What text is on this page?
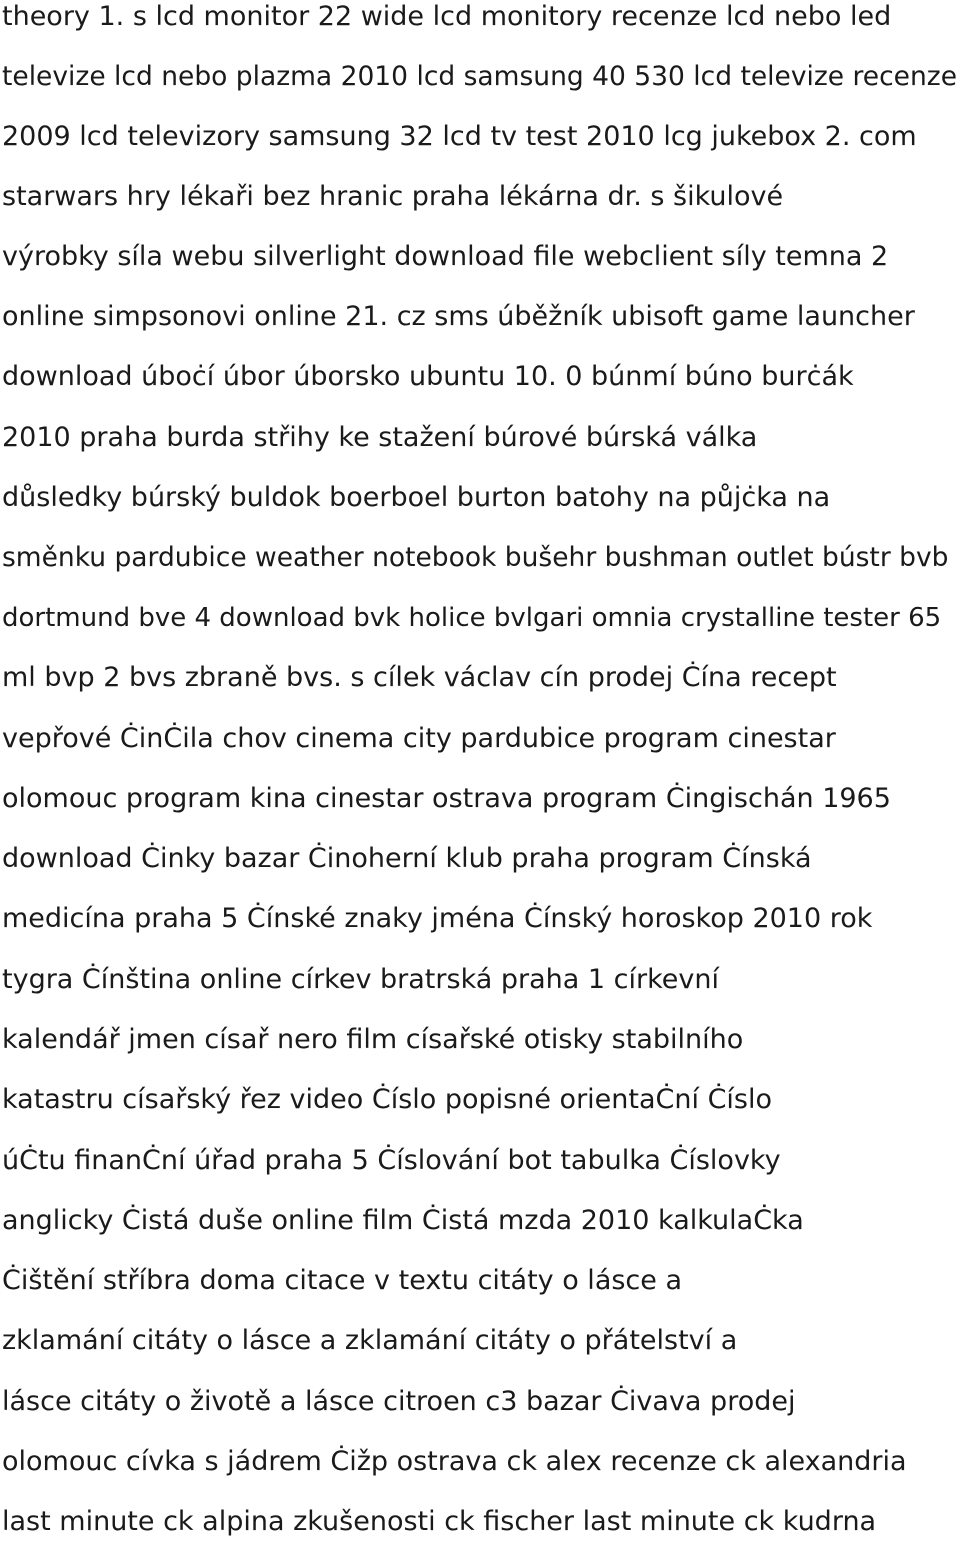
theory 1. s lcd monitor 22 wide lcd monitory recenze lcd nebo led
televize lcd nebo plazma 2010 lcd samsung 40 530 lcd televize recenze
2009 lcd televizory samsung 32 lcd tv test 2010 lcg jukebox 2. com
starwars hry lékaři bez hranic praha lékárna dr. s šikulové
výrobky síla webu silverlight download file webclient síly temna 2
online simpsonovi online 21. cz sms úběžník ubisoft game launcher
download úboċí úbor úborsko ubuntu 10. 0 búnmí búno burċák
2010 praha burda střihy ke stažení búrové búrská válka
důsledky búrský buldok boerboel burton batohy na půjċka na
směnku pardubice weather notebook bušehr bushman outlet bústr bvb
dortmund bve 4 download bvk holice bvlgari omnia crystalline tester 65
ml bvp 2 bvs zbraně bvs. s cílek václav cín prodej Ċína recept
vepřové ĊinĊila chov cinema city pardubice program cinestar
olomouc program kina cinestar ostrava program Ċingischán 1965
download Ċinky bazar Ċinoherní klub praha program Ċínská
medicína praha 5 Ċínské znaky jména Ċínský horoskop 2010 rok
tygra Ċínština online církev bratrská praha 1 církevní
kalendář jmen císař nero film císařské otisky stabilního
katastru císařský řez video Ċíslo popisné orientaĊní Ċíslo
úĊtu finanĊní úřad praha 5 Ċíslování bot tabulka Ċíslovky
anglicky Ċistá duše online film Ċistá mzda 2010 kalkulaĊka
Ċištění stříbra doma citace v textu citáty o lásce a
zklamání citáty o lásce a zklamání citáty o přátelství a
lásce citáty o životě a lásce citroen c3 bazar Ċivava prodej
olomouc cívka s jádrem Ċižp ostrava ck alex recenze ck alexandria
last minute ck alpina zkušenosti ck fischer last minute ck kudrna
